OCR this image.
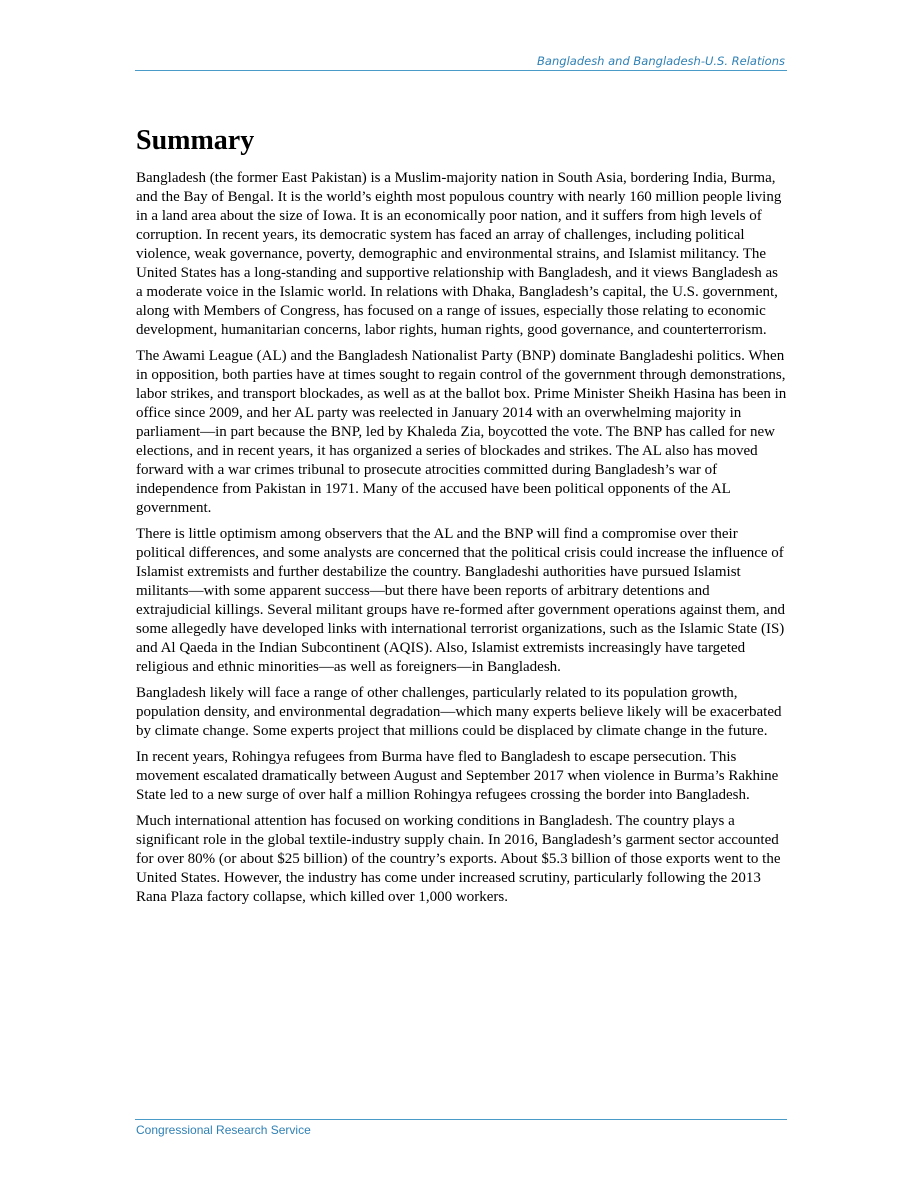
Bangladesh and Bangladesh-U.S. Relations
Summary

Bangladesh (the former East Pakistan) is a Muslim-majority nation in South Asia, bordering India, Burma, and the Bay of Bengal. It is the world’s eighth most populous country with nearly 160 million people living in a land area about the size of Iowa. It is an economically poor nation, and it suffers from high levels of corruption. In recent years, its democratic system has faced an array of challenges, including political violence, weak governance, poverty, demographic and environmental strains, and Islamist militancy. The United States has a long-standing and supportive relationship with Bangladesh, and it views Bangladesh as a moderate voice in the Islamic world. In relations with Dhaka, Bangladesh’s capital, the U.S. government, along with Members of Congress, has focused on a range of issues, especially those relating to economic development, humanitarian concerns, labor rights, human rights, good governance, and counterterrorism.

The Awami League (AL) and the Bangladesh Nationalist Party (BNP) dominate Bangladeshi politics. When in opposition, both parties have at times sought to regain control of the government through demonstrations, labor strikes, and transport blockades, as well as at the ballot box. Prime Minister Sheikh Hasina has been in office since 2009, and her AL party was reelected in January 2014 with an overwhelming majority in parliament—in part because the BNP, led by Khaleda Zia, boycotted the vote. The BNP has called for new elections, and in recent years, it has organized a series of blockades and strikes. The AL also has moved forward with a war crimes tribunal to prosecute atrocities committed during Bangladesh’s war of independence from Pakistan in 1971. Many of the accused have been political opponents of the AL government.

There is little optimism among observers that the AL and the BNP will find a compromise over their political differences, and some analysts are concerned that the political crisis could increase the influence of Islamist extremists and further destabilize the country. Bangladeshi authorities have pursued Islamist militants—with some apparent success—but there have been reports of arbitrary detentions and extrajudicial killings. Several militant groups have re-formed after government operations against them, and some allegedly have developed links with international terrorist organizations, such as the Islamic State (IS) and Al Qaeda in the Indian Subcontinent (AQIS). Also, Islamist extremists increasingly have targeted religious and ethnic minorities—as well as foreigners—in Bangladesh.

Bangladesh likely will face a range of other challenges, particularly related to its population growth, population density, and environmental degradation—which many experts believe likely will be exacerbated by climate change. Some experts project that millions could be displaced by climate change in the future.

In recent years, Rohingya refugees from Burma have fled to Bangladesh to escape persecution. This movement escalated dramatically between August and September 2017 when violence in Burma’s Rakhine State led to a new surge of over half a million Rohingya refugees crossing the border into Bangladesh.

Much international attention has focused on working conditions in Bangladesh. The country plays a significant role in the global textile-industry supply chain. In 2016, Bangladesh’s garment sector accounted for over 80% (or about $25 billion) of the country’s exports. About $5.3 billion of those exports went to the United States. However, the industry has come under increased scrutiny, particularly following the 2013 Rana Plaza factory collapse, which killed over 1,000 workers.

Congressional Research Service
